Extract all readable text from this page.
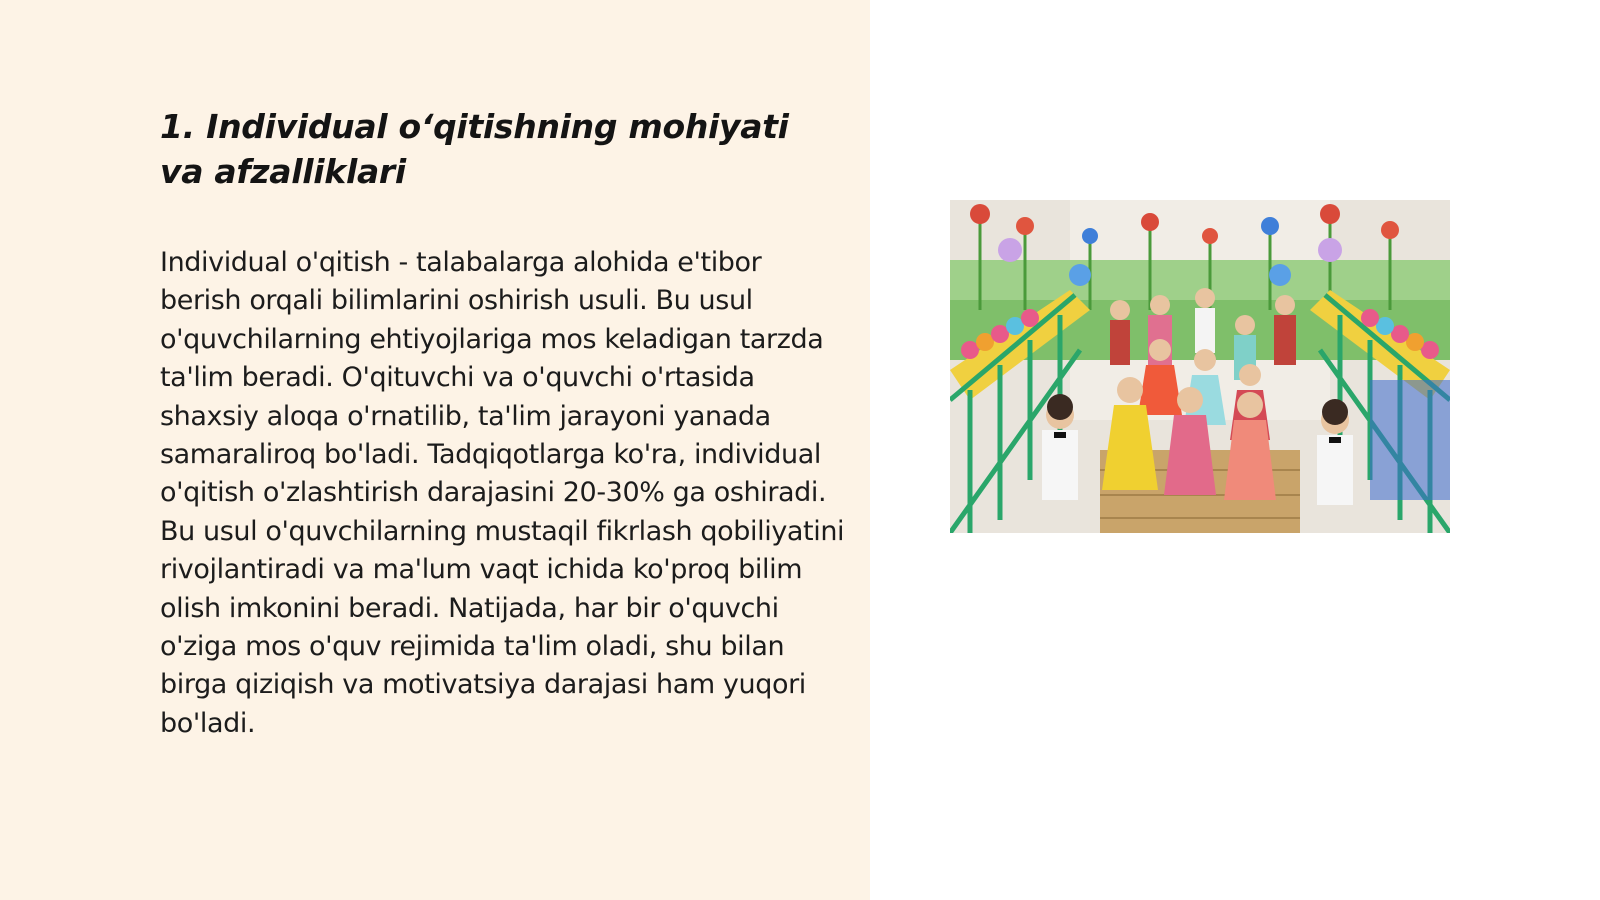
1. Individual o‘qitishning mohiyati va afzalliklari

Individual o'qitish - talabalarga alohida e'tibor berish orqali bilimlarini oshirish usuli. Bu usul o'quvchilarning ehtiyojlariga mos keladigan tarzda ta'lim beradi. O'qituvchi va o'quvchi o'rtasida shaxsiy aloqa o'rnatilib, ta'lim jarayoni yanada samaraliroq bo'ladi. Tadqiqotlarga ko'ra, individual o'qitish o'zlashtirish darajasini 20-30% ga oshiradi. Bu usul o'quvchilarning mustaqil fikrlash qobiliyatini rivojlantiradi va ma'lum vaqt ichida ko'proq bilim olish imkonini beradi. Natijada, har bir o'quvchi o'ziga mos o'quv rejimida ta'lim oladi, shu bilan birga qiziqish va motivatsiya darajasi ham yuqori bo'ladi.
